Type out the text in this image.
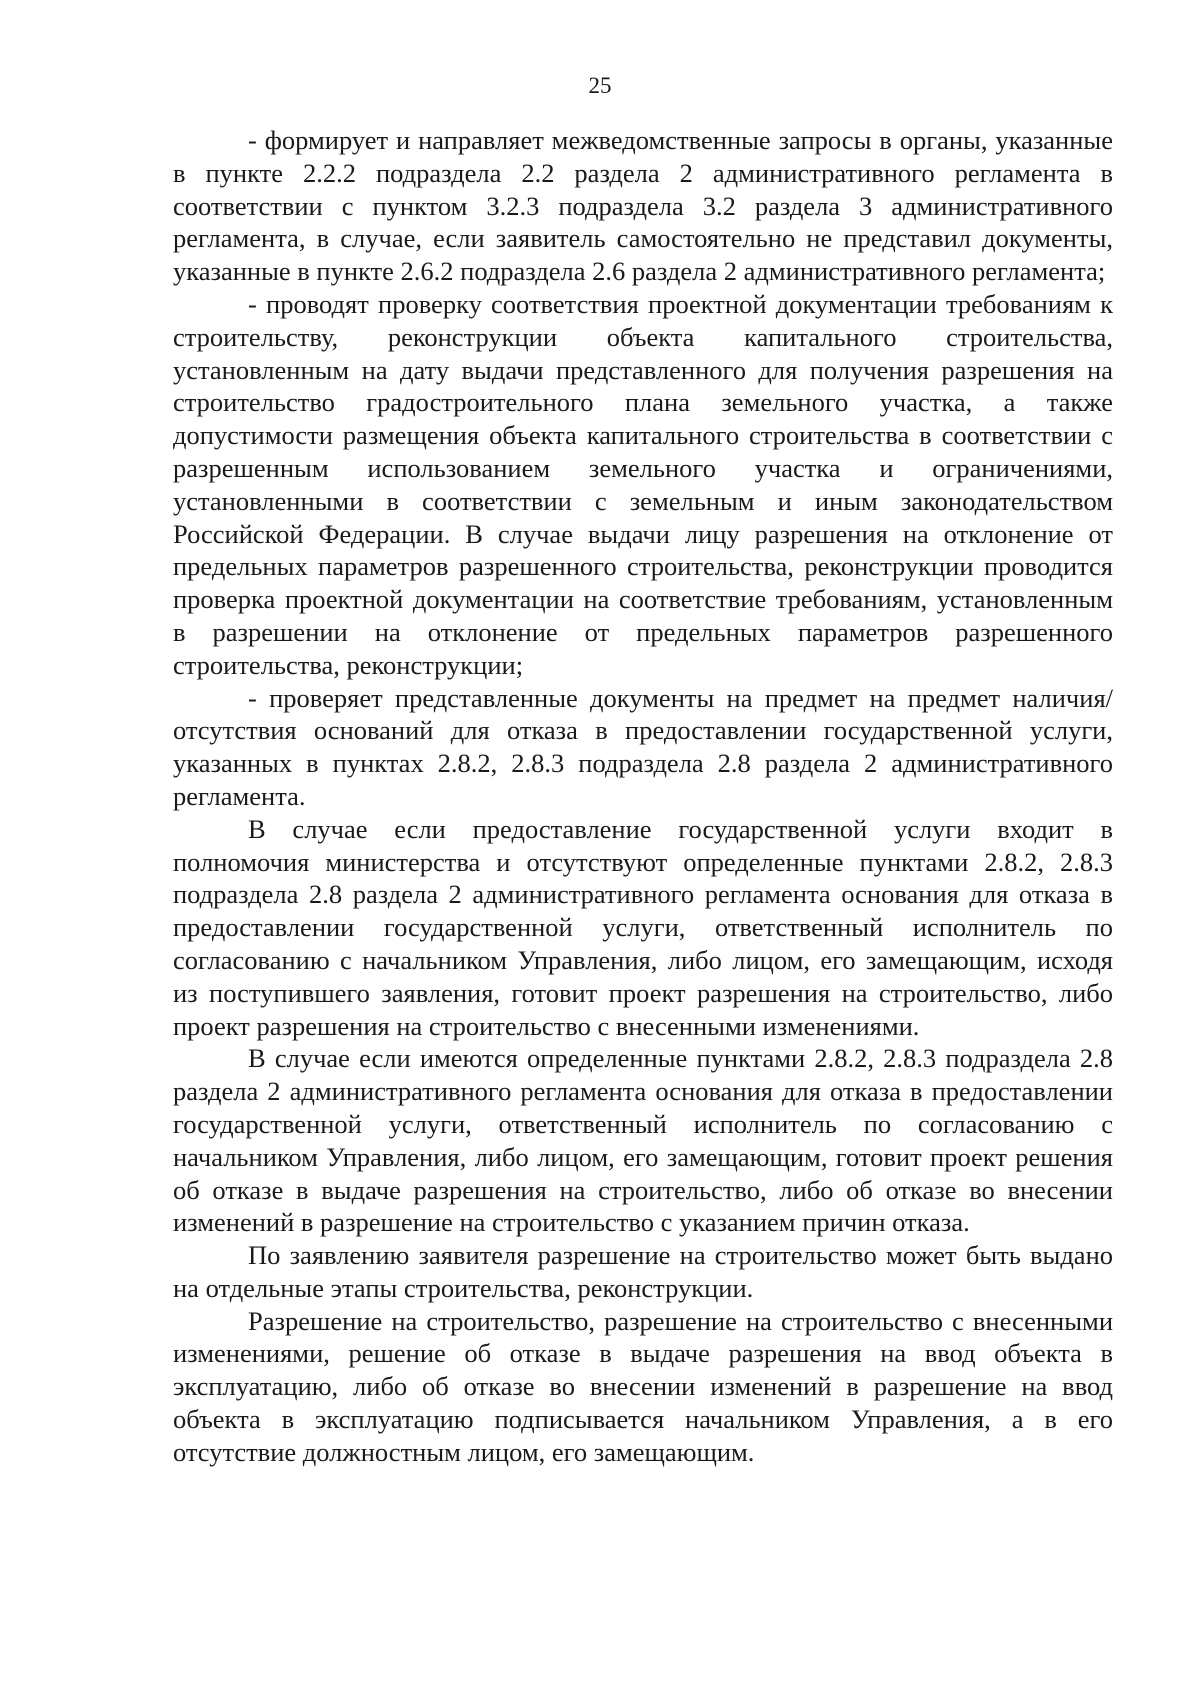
25

- формирует и направляет межведомственные запросы в органы, указанные в пункте 2.2.2 подраздела 2.2 раздела 2 административного регламента в соответствии с пунктом 3.2.3 подраздела 3.2 раздела 3 административного регламента, в случае, если заявитель самостоятельно не представил документы, указанные в пункте 2.6.2 подраздела 2.6 раздела 2 административного регламента;

- проводят проверку соответствия проектной документации требованиям к строительству, реконструкции объекта капитального строительства, установленным на дату выдачи представленного для получения разрешения на строительство градостроительного плана земельного участка, а также допустимости размещения объекта капитального строительства в соответствии с разрешенным использованием земельного участка и ограничениями, установленными в соответствии с земельным и иным законодательством Российской Федерации. В случае выдачи лицу разрешения на отклонение от предельных параметров разрешенного строительства, реконструкции проводится проверка проектной документации на соответствие требованиям, установленным в разрешении на отклонение от предельных параметров разрешенного строительства, реконструкции;

- проверяет представленные документы на предмет на предмет наличия/отсутствия оснований для отказа в предоставлении государственной услуги, указанных в пунктах 2.8.2, 2.8.3 подраздела 2.8 раздела 2 административного регламента.

В случае если предоставление государственной услуги входит в полномочия министерства и отсутствуют определенные пунктами 2.8.2, 2.8.3 подраздела 2.8 раздела 2 административного регламента основания для отказа в предоставлении государственной услуги, ответственный исполнитель по согласованию с начальником Управления, либо лицом, его замещающим, исходя из поступившего заявления, готовит проект разрешения на строительство, либо проект разрешения на строительство с внесенными изменениями.

В случае если имеются определенные пунктами 2.8.2, 2.8.3 подраздела 2.8 раздела 2 административного регламента основания для отказа в предоставлении государственной услуги, ответственный исполнитель по согласованию с начальником Управления, либо лицом, его замещающим, готовит проект решения об отказе в выдаче разрешения на строительство, либо об отказе во внесении изменений в разрешение на строительство с указанием причин отказа.

По заявлению заявителя разрешение на строительство может быть выдано на отдельные этапы строительства, реконструкции.

Разрешение на строительство, разрешение на строительство с внесенными изменениями, решение об отказе в выдаче разрешения на ввод объекта в эксплуатацию, либо об отказе во внесении изменений в разрешение на ввод объекта в эксплуатацию подписывается начальником Управления, а в его отсутствие должностным лицом, его замещающим.
